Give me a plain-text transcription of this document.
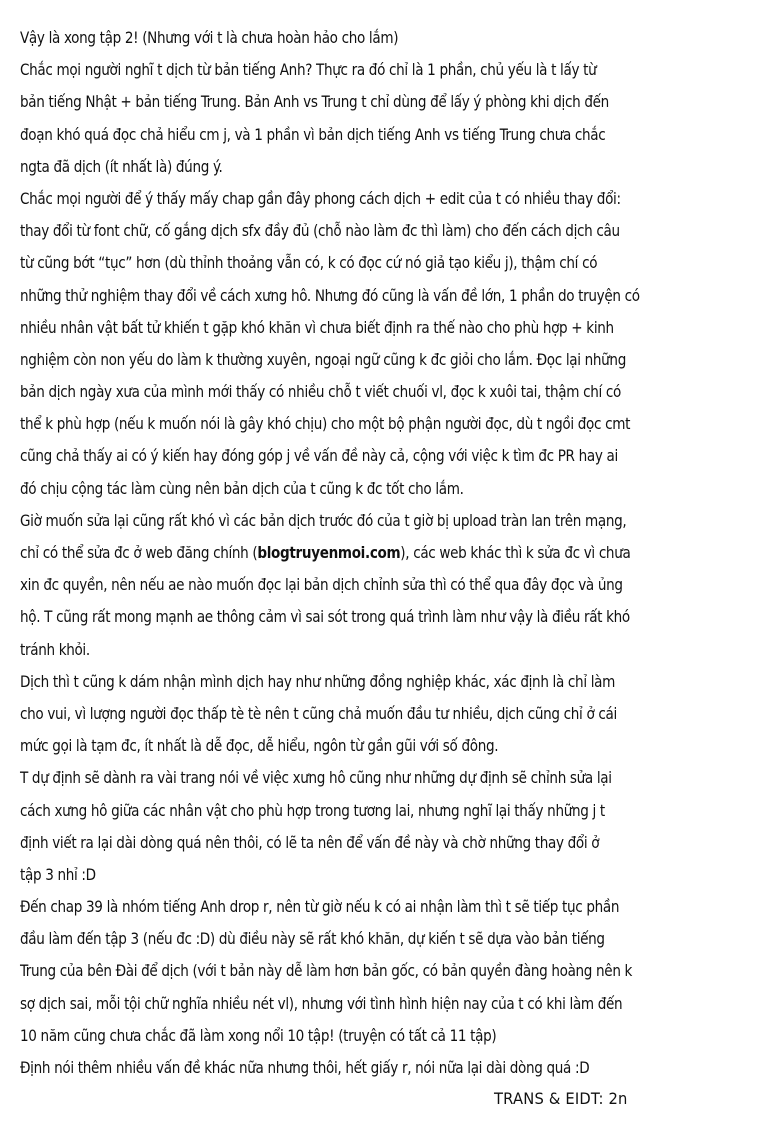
Vậy là xong tập 2! (Nhưng với t là chưa hoàn hảo cho lắm)
Chắc mọi người nghĩ t dịch từ bản tiếng Anh? Thực ra đó chỉ là 1 phần, chủ yếu là t lấy từ
bản tiếng Nhật + bản tiếng Trung. Bản Anh vs Trung t chỉ dùng để lấy ý phòng khi dịch đến
đoạn khó quá đọc chả hiểu cm j, và 1 phần vì bản dịch tiếng Anh vs tiếng Trung chưa chắc
ngta đã dịch (ít nhất là) đúng ý.
Chắc mọi người để ý thấy mấy chap gần đây phong cách dịch + edit của t có nhiều thay đổi:
thay đổi từ font chữ, cố gắng dịch sfx đầy đủ (chỗ nào làm đc thì làm) cho đến cách dịch câu
từ cũng bớt “tục” hơn (dù thỉnh thoảng vẫn có, k có đọc cứ nó giả tạo kiểu j), thậm chí có
những thử nghiệm thay đổi về cách xưng hô. Nhưng đó cũng là vấn đề lớn, 1 phần do truyện có
nhiều nhân vật bất tử khiến t gặp khó khăn vì chưa biết định ra thế nào cho phù hợp + kinh
nghiệm còn non yếu do làm k thường xuyên, ngoại ngữ cũng k đc giỏi cho lắm. Đọc lại những
bản dịch ngày xưa của mình mới thấy có nhiều chỗ t viết chuối vl, đọc k xuôi tai, thậm chí có
thể k phù hợp (nếu k muốn nói là gây khó chịu) cho một bộ phận người đọc, dù t ngồi đọc cmt
cũng chả thấy ai có ý kiến hay đóng góp j về vấn đề này cả, cộng với việc k tìm đc PR hay ai
đó chịu cộng tác làm cùng nên bản dịch của t cũng k đc tốt cho lắm.
Giờ muốn sửa lại cũng rất khó vì các bản dịch trước đó của t giờ bị upload tràn lan trên mạng,
chỉ có thể sửa đc ở web đăng chính (blogtruyenmoi.com), các web khác thì k sửa đc vì chưa
xin đc quyền, nên nếu ae nào muốn đọc lại bản dịch chỉnh sửa thì có thể qua đây đọc và ủng
hộ. T cũng rất mong mạnh ae thông cảm vì sai sót trong quá trình làm như vậy là điều rất khó
tránh khỏi.
Dịch thì t cũng k dám nhận mình dịch hay như những đồng nghiệp khác, xác định là chỉ làm
cho vui, vì lượng người đọc thấp tè tè nên t cũng chả muốn đầu tư nhiều, dịch cũng chỉ ở cái
mức gọi là tạm đc, ít nhất là dễ đọc, dễ hiểu, ngôn từ gần gũi với số đông.
T dự định sẽ dành ra vài trang nói về việc xưng hô cũng như những dự định sẽ chỉnh sửa lại
cách xưng hô giữa các nhân vật cho phù hợp trong tương lai, nhưng nghĩ lại thấy những j t
định viết ra lại dài dòng quá nên thôi, có lẽ ta nên để vấn đề này và chờ những thay đổi ở
tập 3 nhỉ :D
Đến chap 39 là nhóm tiếng Anh drop r, nên từ giờ nếu k có ai nhận làm thì t sẽ tiếp tục phần
đầu làm đến tập 3 (nếu đc :D) dù điều này sẽ rất khó khăn, dự kiến t sẽ dựa vào bản tiếng
Trung của bên Đài để dịch (với t bản này dễ làm hơn bản gốc, có bản quyền đàng hoàng nên k
sợ dịch sai, mỗi tội chữ nghĩa nhiều nét vl), nhưng với tình hình hiện nay của t có khi làm đến
10 năm cũng chưa chắc đã làm xong nổi 10 tập! (truyện có tất cả 11 tập)
Định nói thêm nhiều vấn đề khác nữa nhưng thôi, hết giấy r, nói nữa lại dài dòng quá :D
TRANS & EIDT: 2n
